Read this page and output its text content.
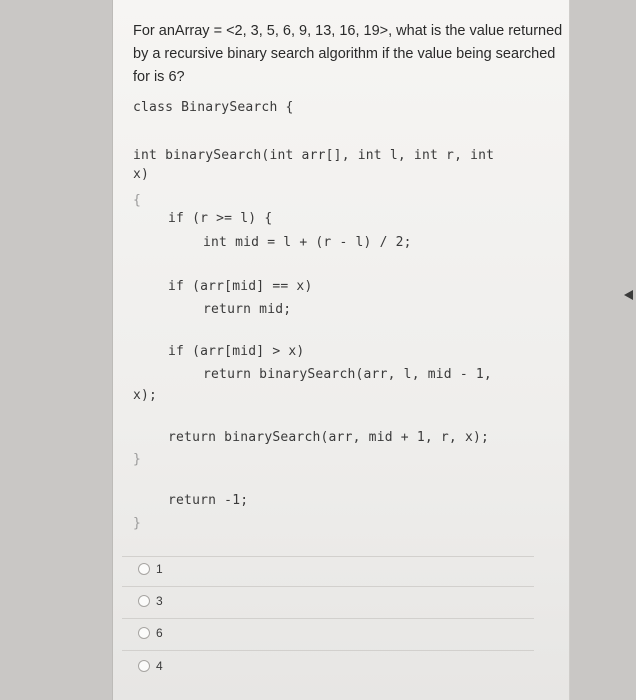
For anArray = <2, 3, 5, 6, 9, 13, 16, 19>, what is the value returned by a recursive binary search algorithm if the value being searched for is 6?

class BinarySearch {
int binarySearch(int arr[], int l, int r, int
x)
{
if (r >= l) {
int mid = l + (r - l) / 2;
if (arr[mid] == x)
return mid;
if (arr[mid] > x)
return binarySearch(arr, l, mid - 1,
x);
return binarySearch(arr, mid + 1, r, x);
}
return -1;
}
1
3
6
4
